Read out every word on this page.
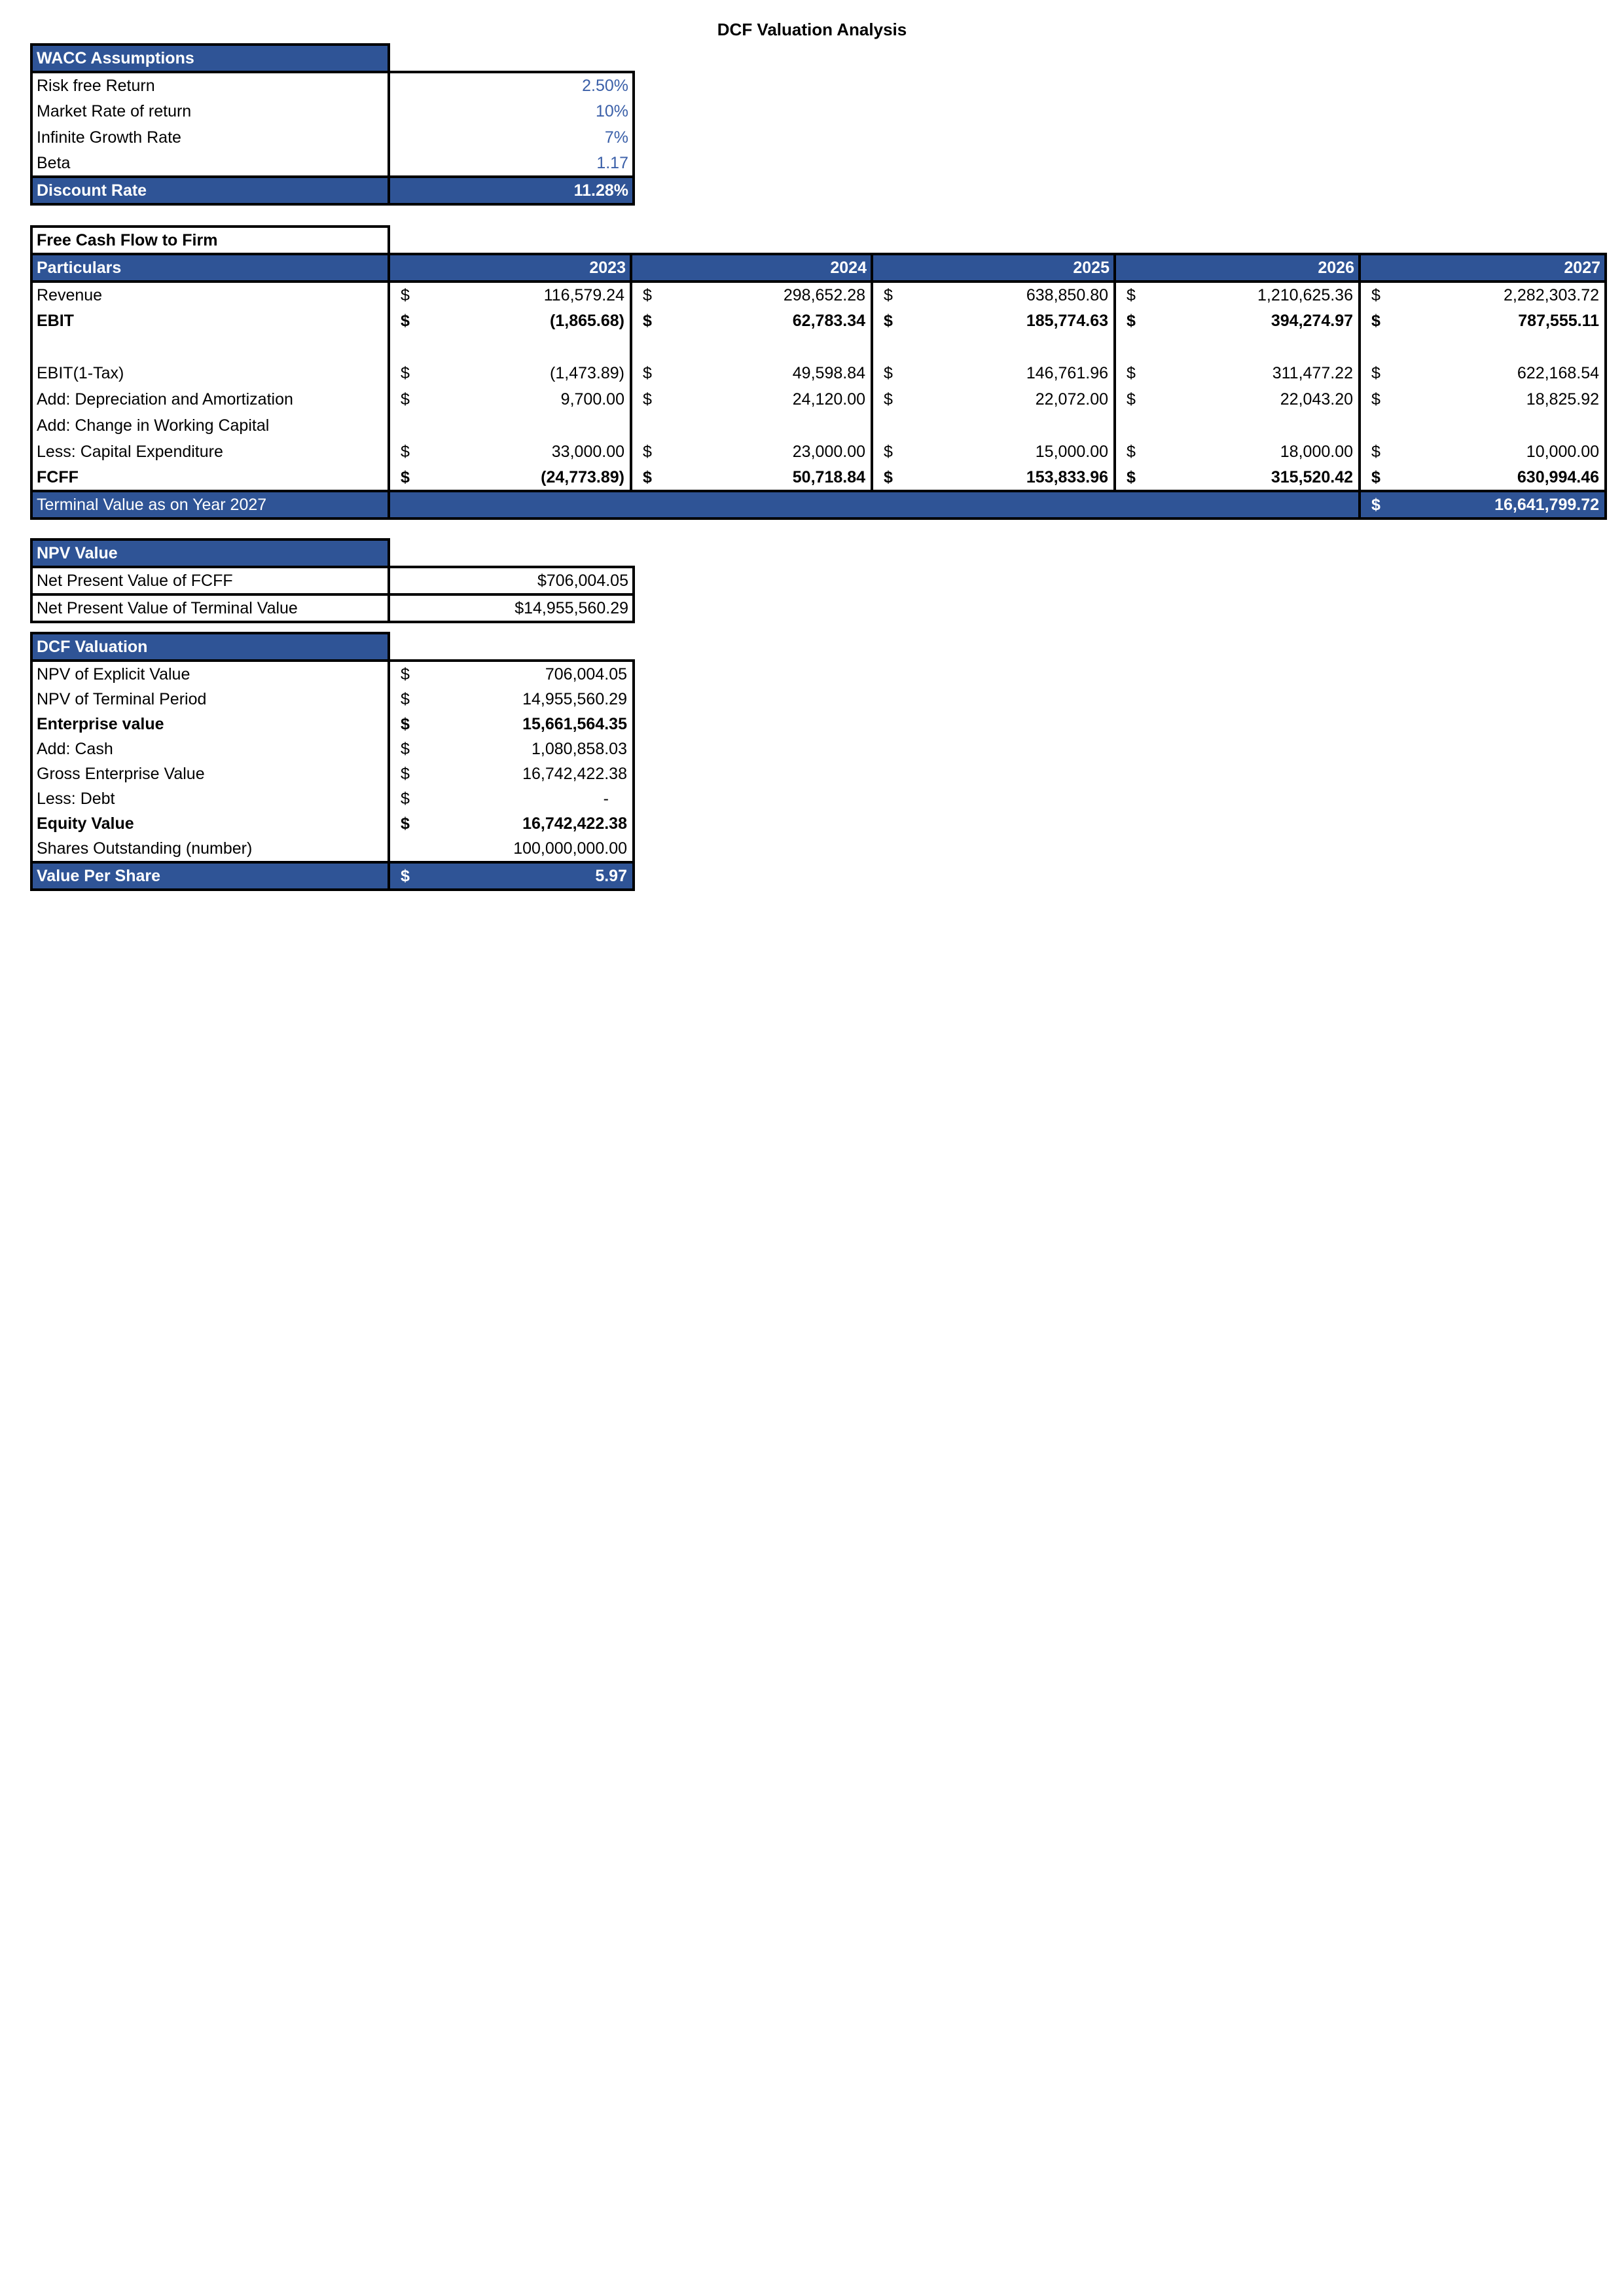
DCF Valuation Analysis
WACC Assumptions	
Risk free Return	2.50%
Market Rate of return	10%
Infinite Growth Rate	7%
Beta	1.17
Discount Rate	11.28%
Free Cash Flow to Firm					
Particulars	2023	2024	2025	2026	2027
Revenue	$ 116,579.24	$ 298,652.28	$ 638,850.80	$ 1,210,625.36	$ 2,282,303.72

EBIT	$ (1,865.68)	$ 62,783.34	$ 185,774.63	$ 394,274.97	$ 787,555.11

EBIT(1-Tax)	$ (1,473.89)	$ 49,598.84	$ 146,761.96	$ 311,477.22	$ 622,168.54

Add: Depreciation and Amortization	$ 9,700.00	$ 24,120.00	$ 22,072.00	$ 22,043.20	$ 18,825.92

Add: Change in Working Capital					
Less: Capital Expenditure	$ 33,000.00	$ 23,000.00	$ 15,000.00	$ 18,000.00	$ 10,000.00

FCFF	$ (24,773.89)	$ 50,718.84	$ 153,833.96	$ 315,520.42	$ 630,994.46

Terminal Value as on Year 2027					$ 16,641,799.72
NPV Value	
Net Present Value of FCFF	$706,004.05
Net Present Value of Terminal Value	$14,955,560.29
DCF Valuation	
NPV of Explicit Value	$ 706,004.05

NPV of Terminal Period	$ 14,955,560.29

Enterprise value	$ 15,661,564.35

Add: Cash	$ 1,080,858.03

Gross Enterprise Value	$ 16,742,422.38

Less: Debt	$ -

Equity Value	$ 16,742,422.38

Shares Outstanding (number)	100,000,000.00

Value Per Share	$ 5.97
